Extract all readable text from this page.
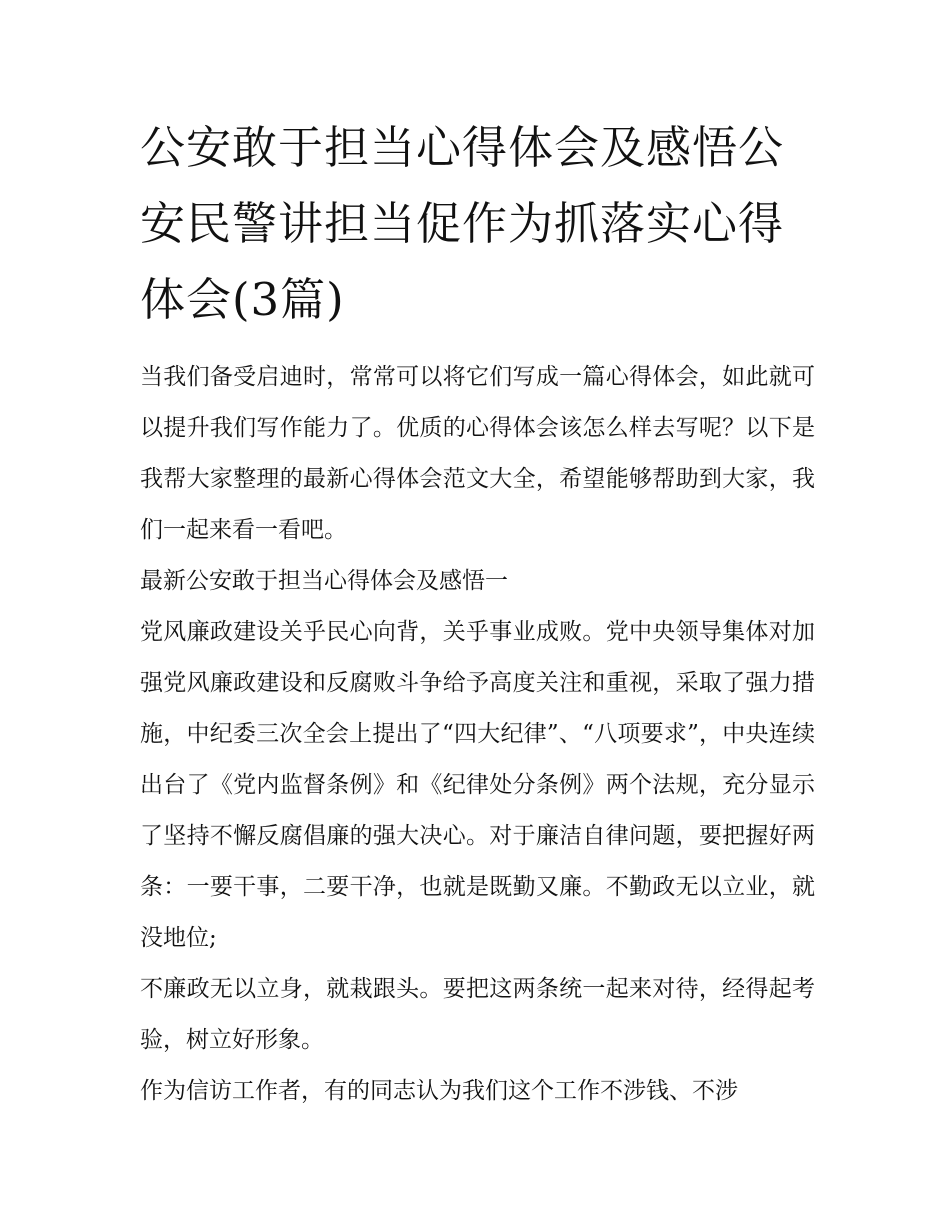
公安敢于担当心得体会及感悟公安民警讲担当促作为抓落实心得体会(3篇)

当我们备受启迪时，常常可以将它们写成一篇心得体会，如此就可以提升我们写作能力了。优质的心得体会该怎么样去写呢？以下是我帮大家整理的最新心得体会范文大全，希望能够帮助到大家，我们一起来看一看吧。

最新公安敢于担当心得体会及感悟一

党风廉政建设关乎民心向背，关乎事业成败。党中央领导集体对加强党风廉政建设和反腐败斗争给予高度关注和重视，采取了强力措施，中纪委三次全会上提出了“四大纪律”、“八项要求”，中央连续出台了《党内监督条例》和《纪律处分条例》两个法规，充分显示了坚持不懈反腐倡廉的强大决心。对于廉洁自律问题，要把握好两条：一要干事，二要干净，也就是既勤又廉。不勤政无以立业，就没地位;

不廉政无以立身，就栽跟头。要把这两条统一起来对待，经得起考验，树立好形象。

作为信访工作者，有的同志认为我们这个工作不涉钱、不涉
